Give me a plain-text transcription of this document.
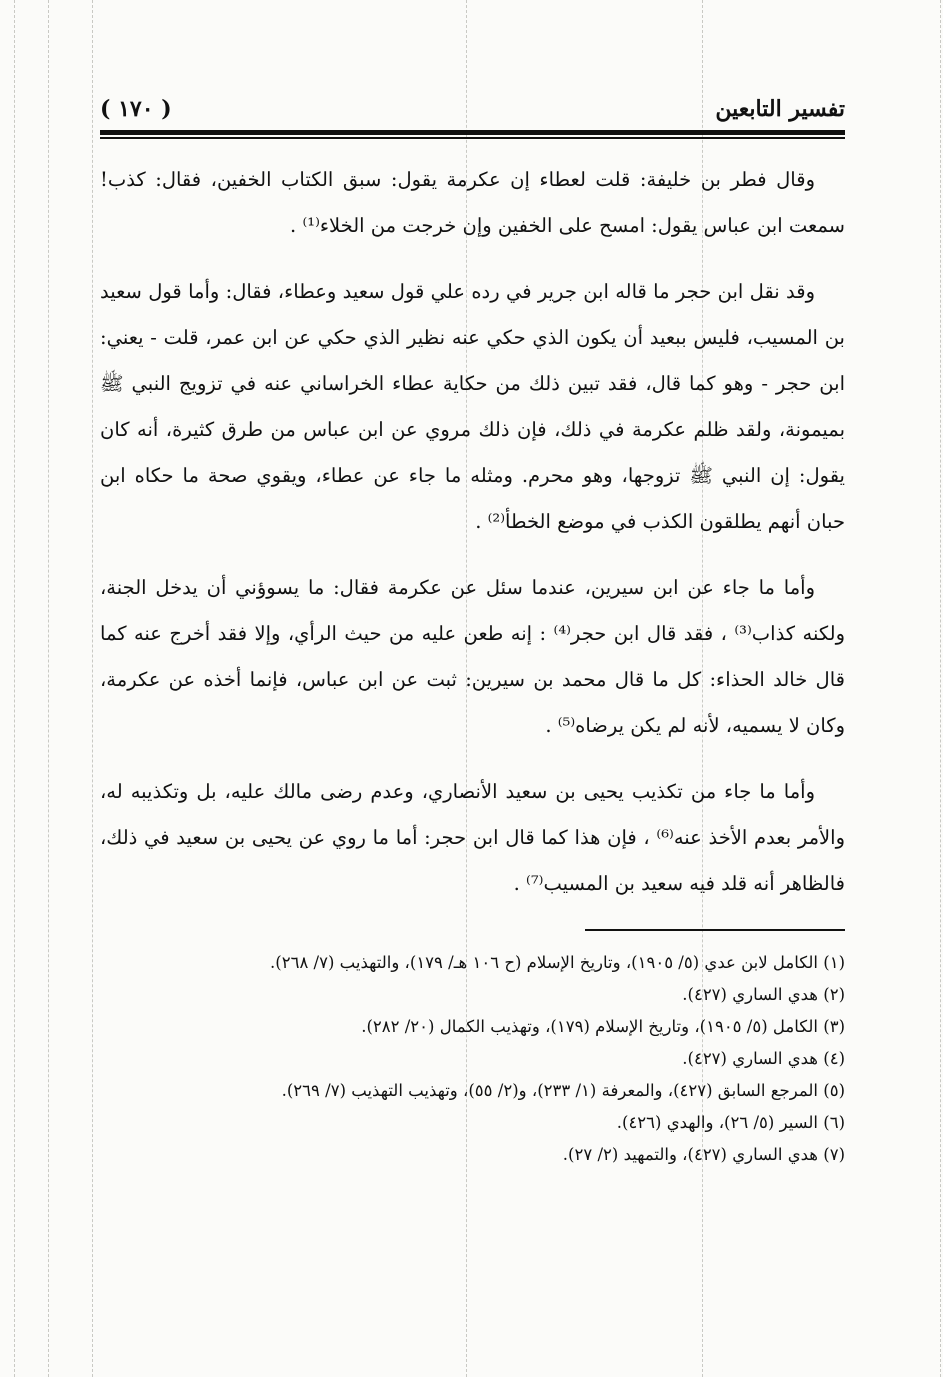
تفسير التابعين
( ١٧٠ )

وقال فطر بن خليفة: قلت لعطاء إن عكرمة يقول: سبق الكتاب الخفين، فقال: كذب! سمعت ابن عباس يقول: امسح على الخفين وإن خرجت من الخلاء⁽¹⁾ .

وقد نقل ابن حجر ما قاله ابن جرير في رده علي قول سعيد وعطاء، فقال: وأما قول سعيد بن المسيب، فليس ببعيد أن يكون الذي حكي عنه نظير الذي حكي عن ابن عمر، قلت - يعني: ابن حجر - وهو كما قال، فقد تبين ذلك من حكاية عطاء الخراساني عنه في تزويج النبي ﷺ بميمونة، ولقد ظلم عكرمة في ذلك، فإن ذلك مروي عن ابن عباس من طرق كثيرة، أنه كان يقول: إن النبي ﷺ تزوجها، وهو محرم. ومثله ما جاء عن عطاء، ويقوي صحة ما حكاه ابن حبان أنهم يطلقون الكذب في موضع الخطأ⁽²⁾ .

وأما ما جاء عن ابن سيرين، عندما سئل عن عكرمة فقال: ما يسوؤني أن يدخل الجنة، ولكنه كذاب⁽³⁾ ، فقد قال ابن حجر⁽⁴⁾ : إنه طعن عليه من حيث الرأي، وإلا فقد أخرج عنه كما قال خالد الحذاء: كل ما قال محمد بن سيرين: ثبت عن ابن عباس، فإنما أخذه عن عكرمة، وكان لا يسميه، لأنه لم يكن يرضاه⁽⁵⁾ .

وأما ما جاء من تكذيب يحيى بن سعيد الأنصاري، وعدم رضى مالك عليه، بل وتكذيبه له، والأمر بعدم الأخذ عنه⁽⁶⁾ ، فإن هذا كما قال ابن حجر: أما ما روي عن يحيى بن سعيد في ذلك، فالظاهر أنه قلد فيه سعيد بن المسيب⁽⁷⁾ .

(١) الكامل لابن عدي (٥/ ١٩٠٥)، وتاريخ الإسلام (ح ١٠٦ هـ/ ١٧٩)، والتهذيب (٧/ ٢٦٨).

(٢) هدي الساري (٤٢٧).

(٣) الكامل (٥/ ١٩٠٥)، وتاريخ الإسلام (١٧٩)، وتهذيب الكمال (٢٠/ ٢٨٢).

(٤) هدي الساري (٤٢٧).

(٥) المرجع السابق (٤٢٧)، والمعرفة (١/ ٢٣٣)، و(٢/ ٥٥)، وتهذيب التهذيب (٧/ ٢٦٩).

(٦) السير (٥/ ٢٦)، والهدي (٤٢٦).

(٧) هدي الساري (٤٢٧)، والتمهيد (٢/ ٢٧).
